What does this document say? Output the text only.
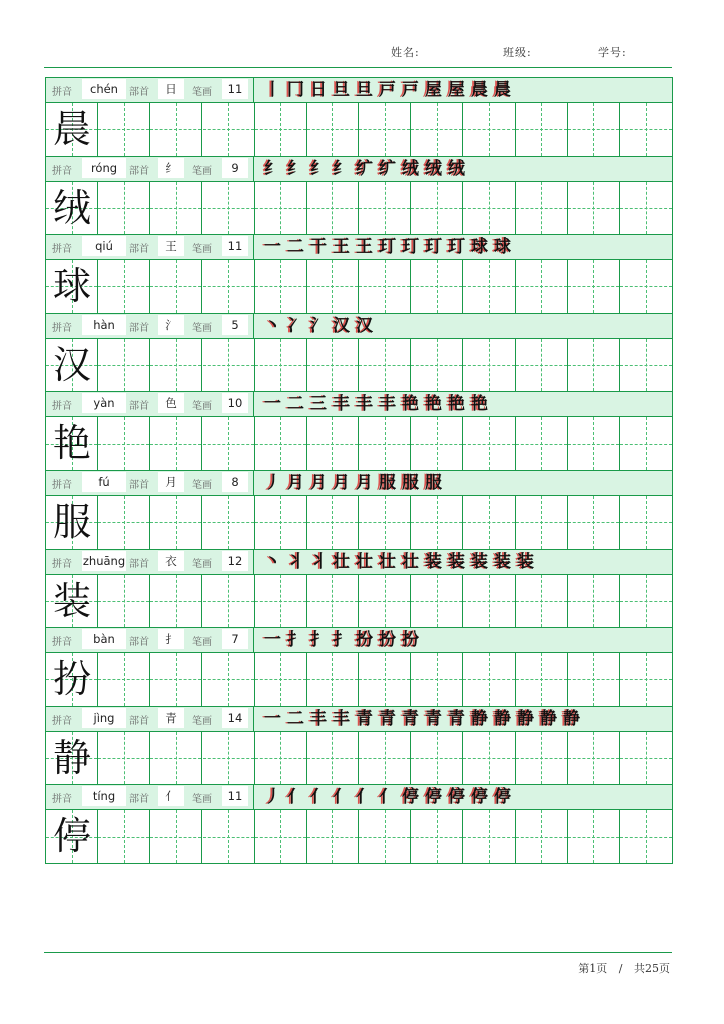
姓名:	班级:	学号:
拼音	chén	部首	日	笔画	11	丨冂日旦旦戸戸屋屋晨晨
晨
拼音	róng	部首	纟	笔画	9	纟纟纟纟纩纩绒绒绒
绒
拼音	qiú	部首	王	笔画	11	一二干王王玎玎玎玎球球
球
拼音	hàn	部首	氵	笔画	5	丶冫氵汉汉
汉
拼音	yàn	部首	色	笔画	10	一二三丰丰丰艳艳艳艳
艳
拼音	fú	部首	月	笔画	8	丿月月月月服服服
服
拼音 zhuāng 部首	衣	笔画	12	丶丬丬壮壮壮壮装装装装装
装
拼音	bàn	部首	扌	笔画	7	一扌扌扌扮扮扮
扮
拼音	jìng	部首	青	笔画	14	一二丰丰青青青青青静静静静静
静
拼音	tíng	部首	亻	笔画	11	丿亻亻亻亻亻停停停停停
停
第1页 / 共25页
